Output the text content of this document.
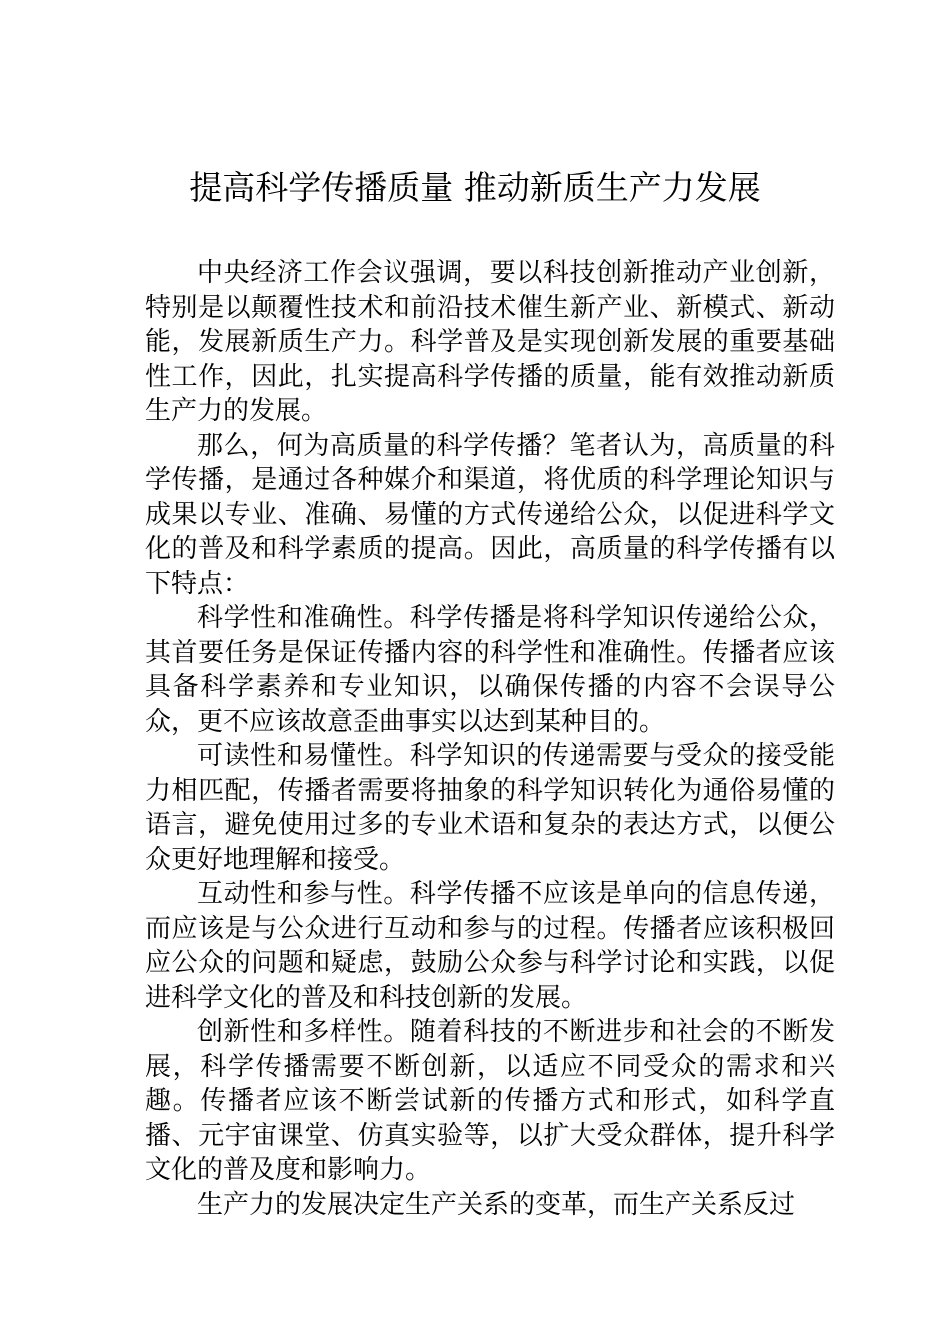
提高科学传播质量 推动新质生产力发展

中央经济工作会议强调，要以科技创新推动产业创新，特别是以颠覆性技术和前沿技术催生新产业、新模式、新动能，发展新质生产力。科学普及是实现创新发展的重要基础性工作，因此，扎实提高科学传播的质量，能有效推动新质生产力的发展。

那么，何为高质量的科学传播？笔者认为，高质量的科学传播，是通过各种媒介和渠道，将优质的科学理论知识与成果以专业、准确、易懂的方式传递给公众，以促进科学文化的普及和科学素质的提高。因此，高质量的科学传播有以下特点：

科学性和准确性。科学传播是将科学知识传递给公众，其首要任务是保证传播内容的科学性和准确性。传播者应该具备科学素养和专业知识，以确保传播的内容不会误导公众，更不应该故意歪曲事实以达到某种目的。

可读性和易懂性。科学知识的传递需要与受众的接受能力相匹配，传播者需要将抽象的科学知识转化为通俗易懂的语言，避免使用过多的专业术语和复杂的表达方式，以便公众更好地理解和接受。

互动性和参与性。科学传播不应该是单向的信息传递，而应该是与公众进行互动和参与的过程。传播者应该积极回应公众的问题和疑虑，鼓励公众参与科学讨论和实践，以促进科学文化的普及和科技创新的发展。

创新性和多样性。随着科技的不断进步和社会的不断发展，科学传播需要不断创新，以适应不同受众的需求和兴趣。传播者应该不断尝试新的传播方式和形式，如科学直播、元宇宙课堂、仿真实验等，以扩大受众群体，提升科学文化的普及度和影响力。

生产力的发展决定生产关系的变革，而生产关系反过
